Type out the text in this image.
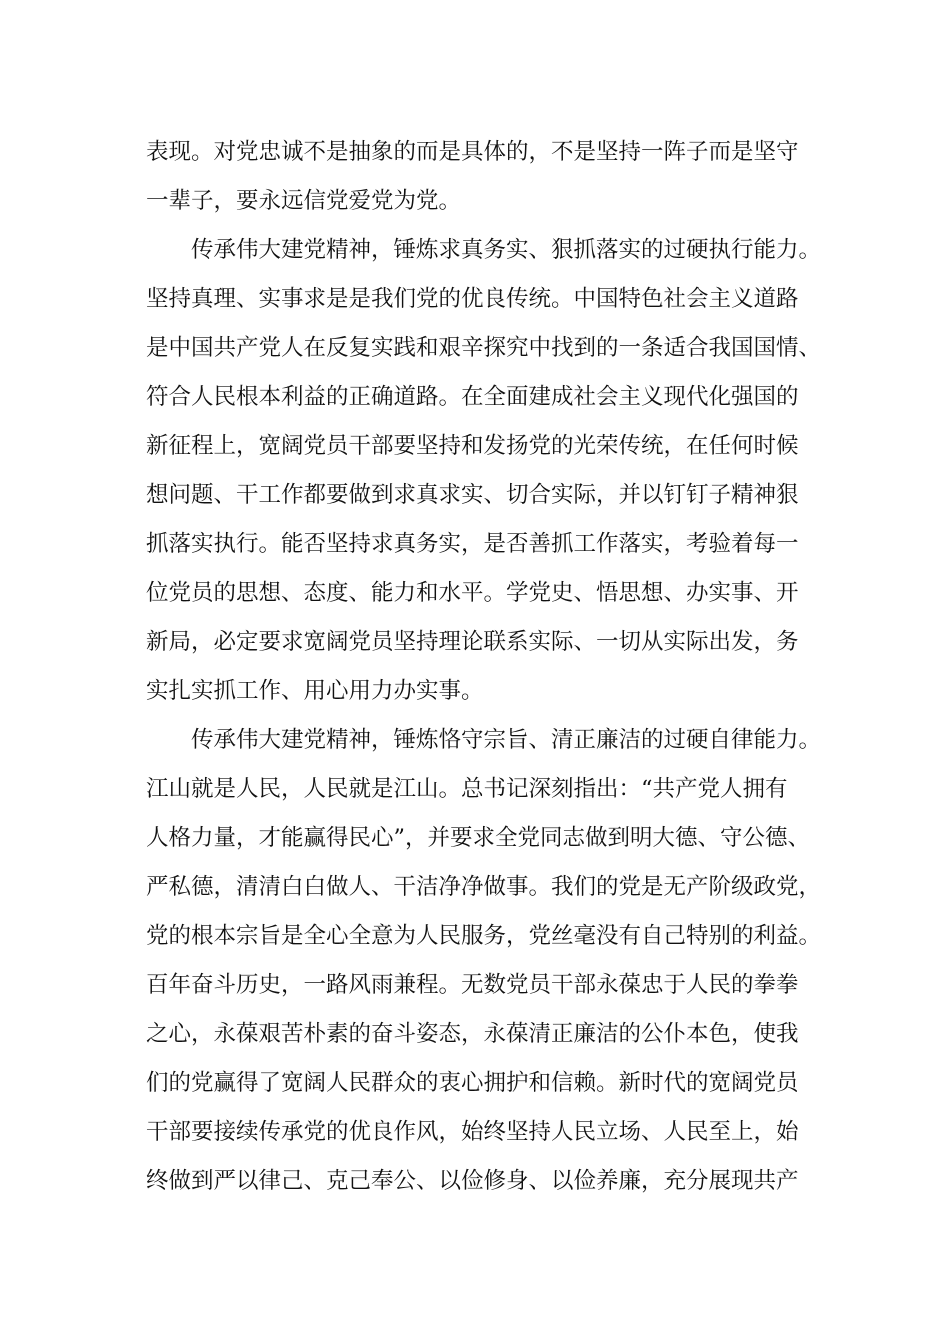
表现。对党忠诚不是抽象的而是具体的，不是坚持一阵子而是坚守
一辈子，要永远信党爱党为党。
传承伟大建党精神，锤炼求真务实、狠抓落实的过硬执行能力。
坚持真理、实事求是是我们党的优良传统。中国特色社会主义道路
是中国共产党人在反复实践和艰辛探究中找到的一条适合我国国情、
符合人民根本利益的正确道路。在全面建成社会主义现代化强国的
新征程上，宽阔党员干部要坚持和发扬党的光荣传统，在任何时候
想问题、干工作都要做到求真求实、切合实际，并以钉钉子精神狠
抓落实执行。能否坚持求真务实，是否善抓工作落实，考验着每一
位党员的思想、态度、能力和水平。学党史、悟思想、办实事、开
新局，必定要求宽阔党员坚持理论联系实际、一切从实际出发，务
实扎实抓工作、用心用力办实事。
传承伟大建党精神，锤炼恪守宗旨、清正廉洁的过硬自律能力。
江山就是人民，人民就是江山。总书记深刻指出：“共产党人拥有
人格力量，才能赢得民心”，并要求全党同志做到明大德、守公德、
严私德，清清白白做人、干洁净净做事。我们的党是无产阶级政党，
党的根本宗旨是全心全意为人民服务，党丝毫没有自己特别的利益。
百年奋斗历史，一路风雨兼程。无数党员干部永葆忠于人民的拳拳
之心，永葆艰苦朴素的奋斗姿态，永葆清正廉洁的公仆本色，使我
们的党赢得了宽阔人民群众的衷心拥护和信赖。新时代的宽阔党员
干部要接续传承党的优良作风，始终坚持人民立场、人民至上，始
终做到严以律己、克己奉公、以俭修身、以俭养廉，充分展现共产
